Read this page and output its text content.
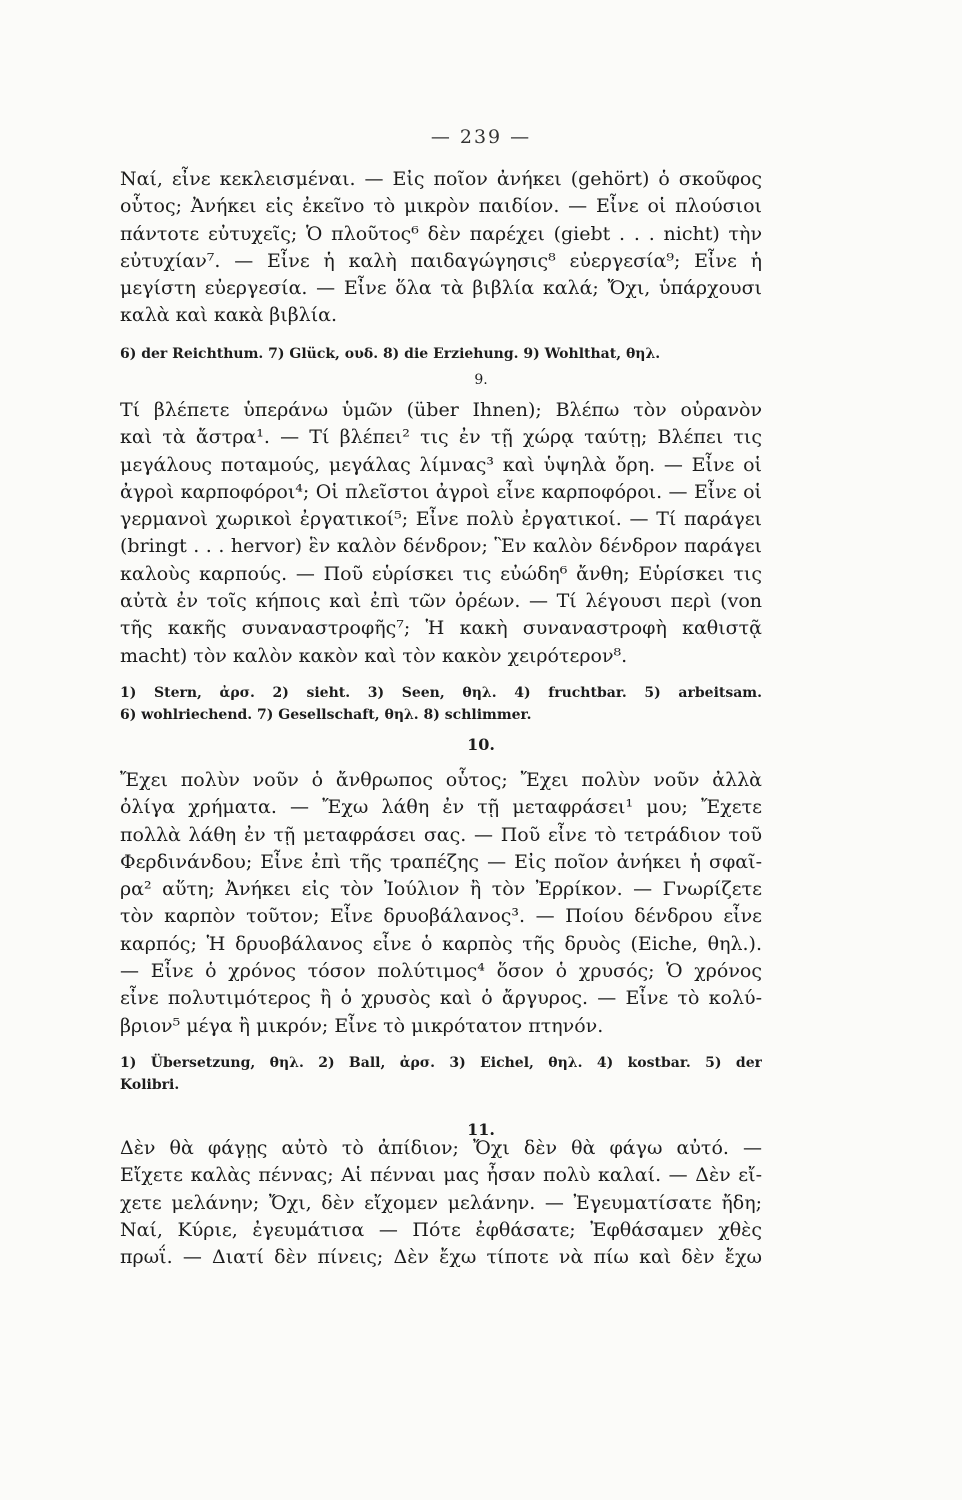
— 239 —
Ναί, εἶνε κεκλεισμέναι. — Εἰς ποῖον ἀνήκει (gehört) ὁ σκοῦφος
οὗτος; Ἀνήκει εἰς ἐκεῖνο τὸ μικρὸν παιδίον. — Εἶνε οἱ πλούσιοι
πάντοτε εὐτυχεῖς; Ὁ πλοῦτος⁶ δὲν παρέχει (giebt . . . nicht) τὴν
εὐτυχίαν⁷. — Εἶνε ἡ καλὴ παιδαγώγησις⁸ εὐεργεσία⁹; Εἶνε ἡ
μεγίστη εὐεργεσία. — Εἶνε ὅλα τὰ βιβλία καλά; Ὄχι, ὑπάρχουσι
καλὰ καὶ κακὰ βιβλία.
6) der Reichthum. 7) Glück, ουδ. 8) die Erziehung. 9) Wohlthat, θηλ.
9.
Τί βλέπετε ὑπεράνω ὑμῶν (über Ihnen); Βλέπω τὸν οὐρανὸν
καὶ τὰ ἄστρα¹. — Τί βλέπει² τις ἐν τῇ χώρᾳ ταύτῃ; Βλέπει τις
μεγάλους ποταμούς, μεγάλας λίμνας³ καὶ ὑψηλὰ ὄρη. — Εἶνε οἱ
ἀγροὶ καρποφόροι⁴; Οἱ πλεῖστοι ἀγροὶ εἶνε καρποφόροι. — Εἶνε οἱ
γερμανοὶ χωρικοὶ ἐργατικοί⁵; Εἶνε πολὺ ἐργατικοί. — Τί παράγει
(bringt . . . hervor) ἓν καλὸν δένδρον; Ἓν καλὸν δένδρον παράγει
καλοὺς καρπούς. — Ποῦ εὑρίσκει τις εὐώδη⁶ ἄνθη; Εὑρίσκει τις
αὐτὰ ἐν τοῖς κήποις καὶ ἐπὶ τῶν ὀρέων. — Τί λέγουσι περὶ (von
τῆς κακῆς συναναστροφῆς⁷; Ἡ κακὴ συναναστροφὴ καθιστᾷ
macht) τὸν καλὸν κακὸν καὶ τὸν κακὸν χειρότερον⁸.
1) Stern, ἀρσ. 2) sieht. 3) Seen, θηλ. 4) fruchtbar. 5) arbeitsam.
6) wohlriechend. 7) Gesellschaft, θηλ. 8) schlimmer.
10.
Ἔχει πολὺν νοῦν ὁ ἄνθρωπος οὗτος; Ἔχει πολὺν νοῦν ἀλλὰ
ὀλίγα χρήματα. — Ἔχω λάθη ἐν τῇ μεταφράσει¹ μου; Ἔχετε
πολλὰ λάθη ἐν τῇ μεταφράσει σας. — Ποῦ εἶνε τὸ τετράδιον τοῦ
Φερδινάνδου; Εἶνε ἐπὶ τῆς τραπέζης — Εἰς ποῖον ἀνήκει ἡ σφαῖ-
ρα² αὕτη; Ἀνήκει εἰς τὸν Ἰούλιον ἢ τὸν Ἐρρίκον. — Γνωρίζετε
τὸν καρπὸν τοῦτον; Εἶνε δρυοβάλανος³. — Ποίου δένδρου εἶνε
καρπός; Ἡ δρυοβάλανος εἶνε ὁ καρπὸς τῆς δρυὸς (Eiche, θηλ.).
— Εἶνε ὁ χρόνος τόσον πολύτιμος⁴ ὅσον ὁ χρυσός; Ὁ χρόνος
εἶνε πολυτιμότερος ἢ ὁ χρυσὸς καὶ ὁ ἄργυρος. — Εἶνε τὸ κολύ-
βριον⁵ μέγα ἢ μικρόν; Εἶνε τὸ μικρότατον πτηνόν.
1) Übersetzung, θηλ. 2) Ball, ἀρσ. 3) Eichel, θηλ. 4) kostbar. 5) der
Kolibri.
11.
Δὲν θὰ φάγῃς αὐτὸ τὸ ἀπίδιον; Ὄχι δὲν θὰ φάγω αὐτό. —
Εἴχετε καλὰς πέννας; Αἱ πένναι μας ἦσαν πολὺ καλαί. — Δὲν εἴ-
χετε μελάνην; Ὄχι, δὲν εἴχομεν μελάνην. — Ἐγευματίσατε ἤδη;
Ναί, Κύριε, ἐγευμάτισα — Πότε ἐφθάσατε; Ἐφθάσαμεν χθὲς
πρωΐ. — Διατί δὲν πίνεις; Δὲν ἔχω τίποτε νὰ πίω καὶ δὲν ἔχω
